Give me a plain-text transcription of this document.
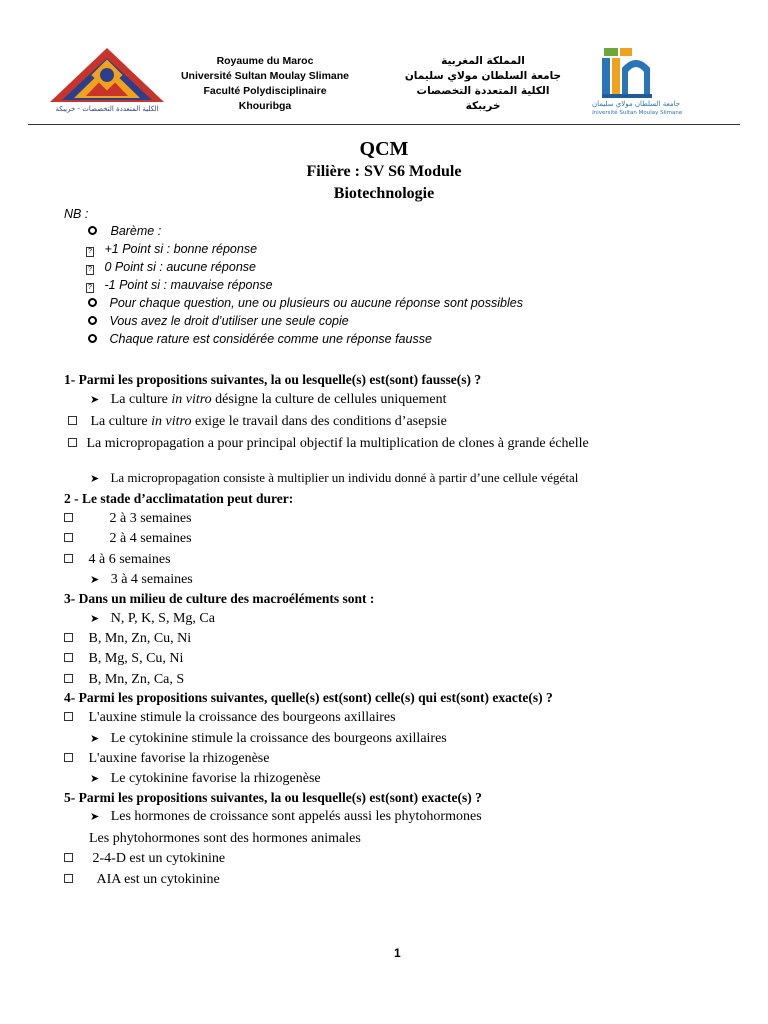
الكلية المتعددة التخصصات - خريبكة
Royaume du Maroc
Université Sultan Moulay Slimane
Faculté Polydisciplinaire
Khouribga
المملكة المغربية
جامعة السلطان مولاي سليمان
الكلية المتعددة التخصصات
خريبكة	جامعة السلطان مولاي سليمان
Université Sultan Moulay Slimane
QCM
Filière : SV S6 Module
Biotechnologie
NB :
Barème :
? +1 Point si : bonne réponse
? 0 Point si : aucune réponse
? -1 Point si : mauvaise réponse
Pour chaque question, une ou plusieurs ou aucune réponse sont possibles
Vous avez le droit d’utiliser une seule copie
Chaque rature est considérée comme une réponse fausse
1- Parmi les propositions suivantes, la ou lesquelle(s) est(sont) fausse(s) ?
➤ La culture in vitro désigne la culture de cellules uniquement
La culture in vitro exige le travail dans des conditions d’asepsie
La micropropagation a pour principal objectif la multiplication de clones à grande échelle
➤ La micropropagation consiste à multiplier un individu donné à partir d’une cellule végétal
2 - Le stade d’acclimatation peut durer:
2 à 3 semaines
2 à 4 semaines
4 à 6 semaines
➤ 3 à 4 semaines
3- Dans un milieu de culture des macroéléments sont :
➤ N, P, K, S, Mg, Ca
B, Mn, Zn, Cu, Ni
B, Mg, S, Cu, Ni
B, Mn, Zn, Ca, S
4- Parmi les propositions suivantes, quelle(s) est(sont) celle(s) qui est(sont) exacte(s) ?
L'auxine stimule la croissance des bourgeons axillaires
➤ Le cytokinine stimule la croissance des bourgeons axillaires
L'auxine favorise la rhizogenèse
➤ Le cytokinine favorise la rhizogenèse
5- Parmi les propositions suivantes, la ou lesquelle(s) est(sont) exacte(s) ?
➤ Les hormones de croissance sont appelés aussi les phytohormones
Les phytohormones sont des hormones animales
2-4-D est un cytokinine
AIA est un cytokinine
1
